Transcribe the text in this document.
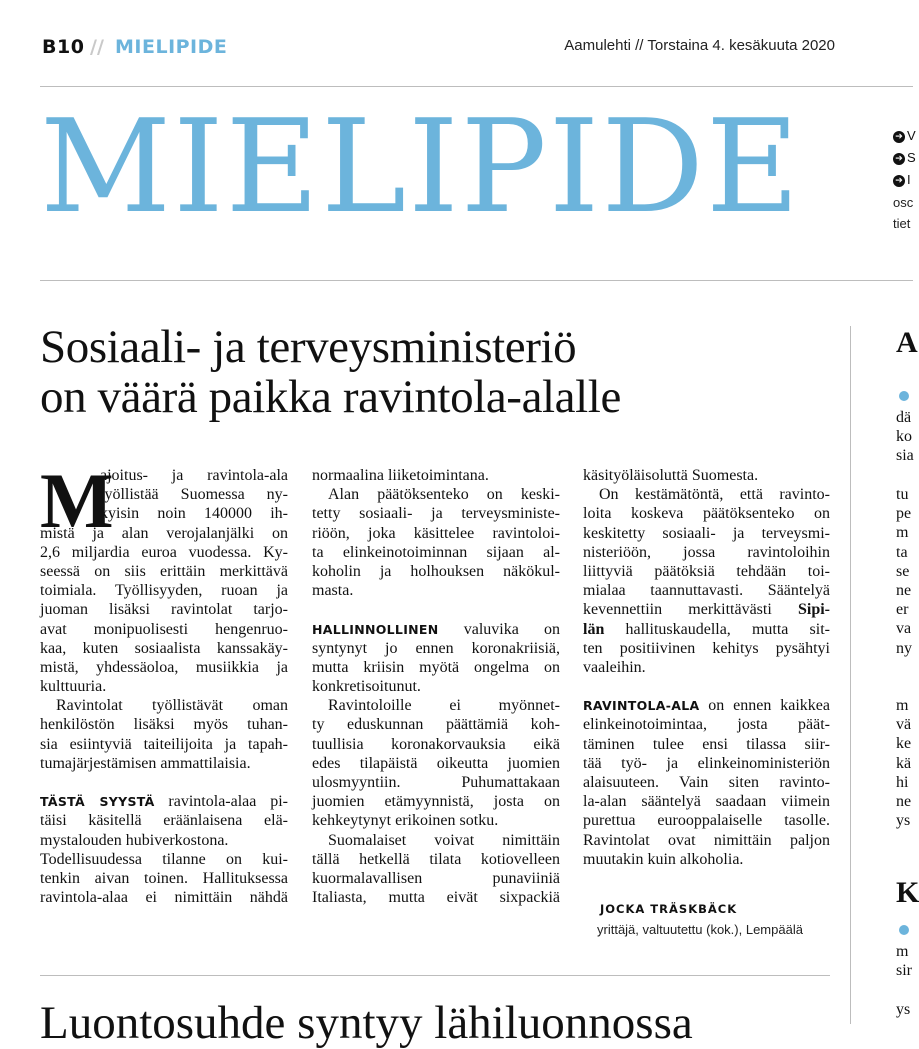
B10 // MIELIPIDE	Aamulehti // Torstaina 4. kesäkuuta 2020
MIELIPIDE	➔ V
➔ S
➔ I
osc
tiet
Sosiaali- ja terveysministeriö
on väärä paikka ravintola-alalle
M
ajoitus- ja ravintola-ala
työllistää Suomessa ny-
kyisin noin 140000 ih-
mistä ja alan verojalanjälki on
2,6 miljardia euroa vuodessa. Ky-
seessä on siis erittäin merkittävä
toimiala. Työllisyyden, ruoan ja
juoman lisäksi ravintolat tarjo-
avat monipuolisesti hengenruo-
kaa, kuten sosiaalista kanssakäy-
mistä, yhdessäoloa, musiikkia ja
kulttuuria.
Ravintolat työllistävät oman
henkilöstön lisäksi myös tuhan-
sia esiintyviä taiteilijoita ja tapah-
tumajärjestämisen ammattilaisia.
TÄSTÄ SYYSTÄ ravintola-alaa pi-
täisi käsitellä eräänlaisena elä-
mystalouden hubiverkostona.
Todellisuudessa tilanne on kui-
tenkin aivan toinen. Hallituksessa
ravintola-alaa ei nimittäin nähdä
normaalina liiketoimintana.
Alan päätöksenteko on keski-
tetty sosiaali- ja terveysministe-
riöön, joka käsittelee ravintoloi-
ta elinkeinotoiminnan sijaan al-
koholin ja holhouksen näkökul-
masta.
HALLINNOLLINEN valuvika on
syntynyt jo ennen koronakriisiä,
mutta kriisin myötä ongelma on
konkretisoitunut.
Ravintoloille ei myönnet-
ty eduskunnan päättämiä koh-
tuullisia koronakorvauksia eikä
edes tilapäistä oikeutta juomien
ulosmyyntiin. Puhumattakaan
juomien etämyynnistä, josta on
kehkeytynyt erikoinen sotku.
Suomalaiset voivat nimittäin
tällä hetkellä tilata kotiovelleen
kuormalavallisen punaviiniä
Italiasta, mutta eivät sixpackiä
käsityöläisoluttä Suomesta.
On kestämätöntä, että ravinto-
loita koskeva päätöksenteko on
keskitetty sosiaali- ja terveysmi-
nisteriöön, jossa ravintoloihin
liittyviä päätöksiä tehdään toi-
mialaa taannuttavasti. Sääntelyä
kevennettiin merkittävästi Sipi-
län hallituskaudella, mutta sit-
ten positiivinen kehitys pysähtyi
vaaleihin.
RAVINTOLA-ALA on ennen kaikkea
elinkeinotoimintaa, josta päät-
täminen tulee ensi tilassa siir-
tää työ- ja elinkeinoministeriön
alaisuuteen. Vain siten ravinto-
la-alan sääntelyä saadaan viimein
purettua eurooppalaiselle tasolle.
Ravintolat ovat nimittäin paljon
muutakin kuin alkoholia.
JOCKA TRÄSKBÄCK
yrittäjä, valtuutettu (kok.), Lempäälä
A
dä
ko
sia
tu
pe
m
ta
se
ne
er
va
ny
m
vä
ke
kä
hi
ne
ys
K
m
sir
ys
Luontosuhde syntyy lähiluonnossa
